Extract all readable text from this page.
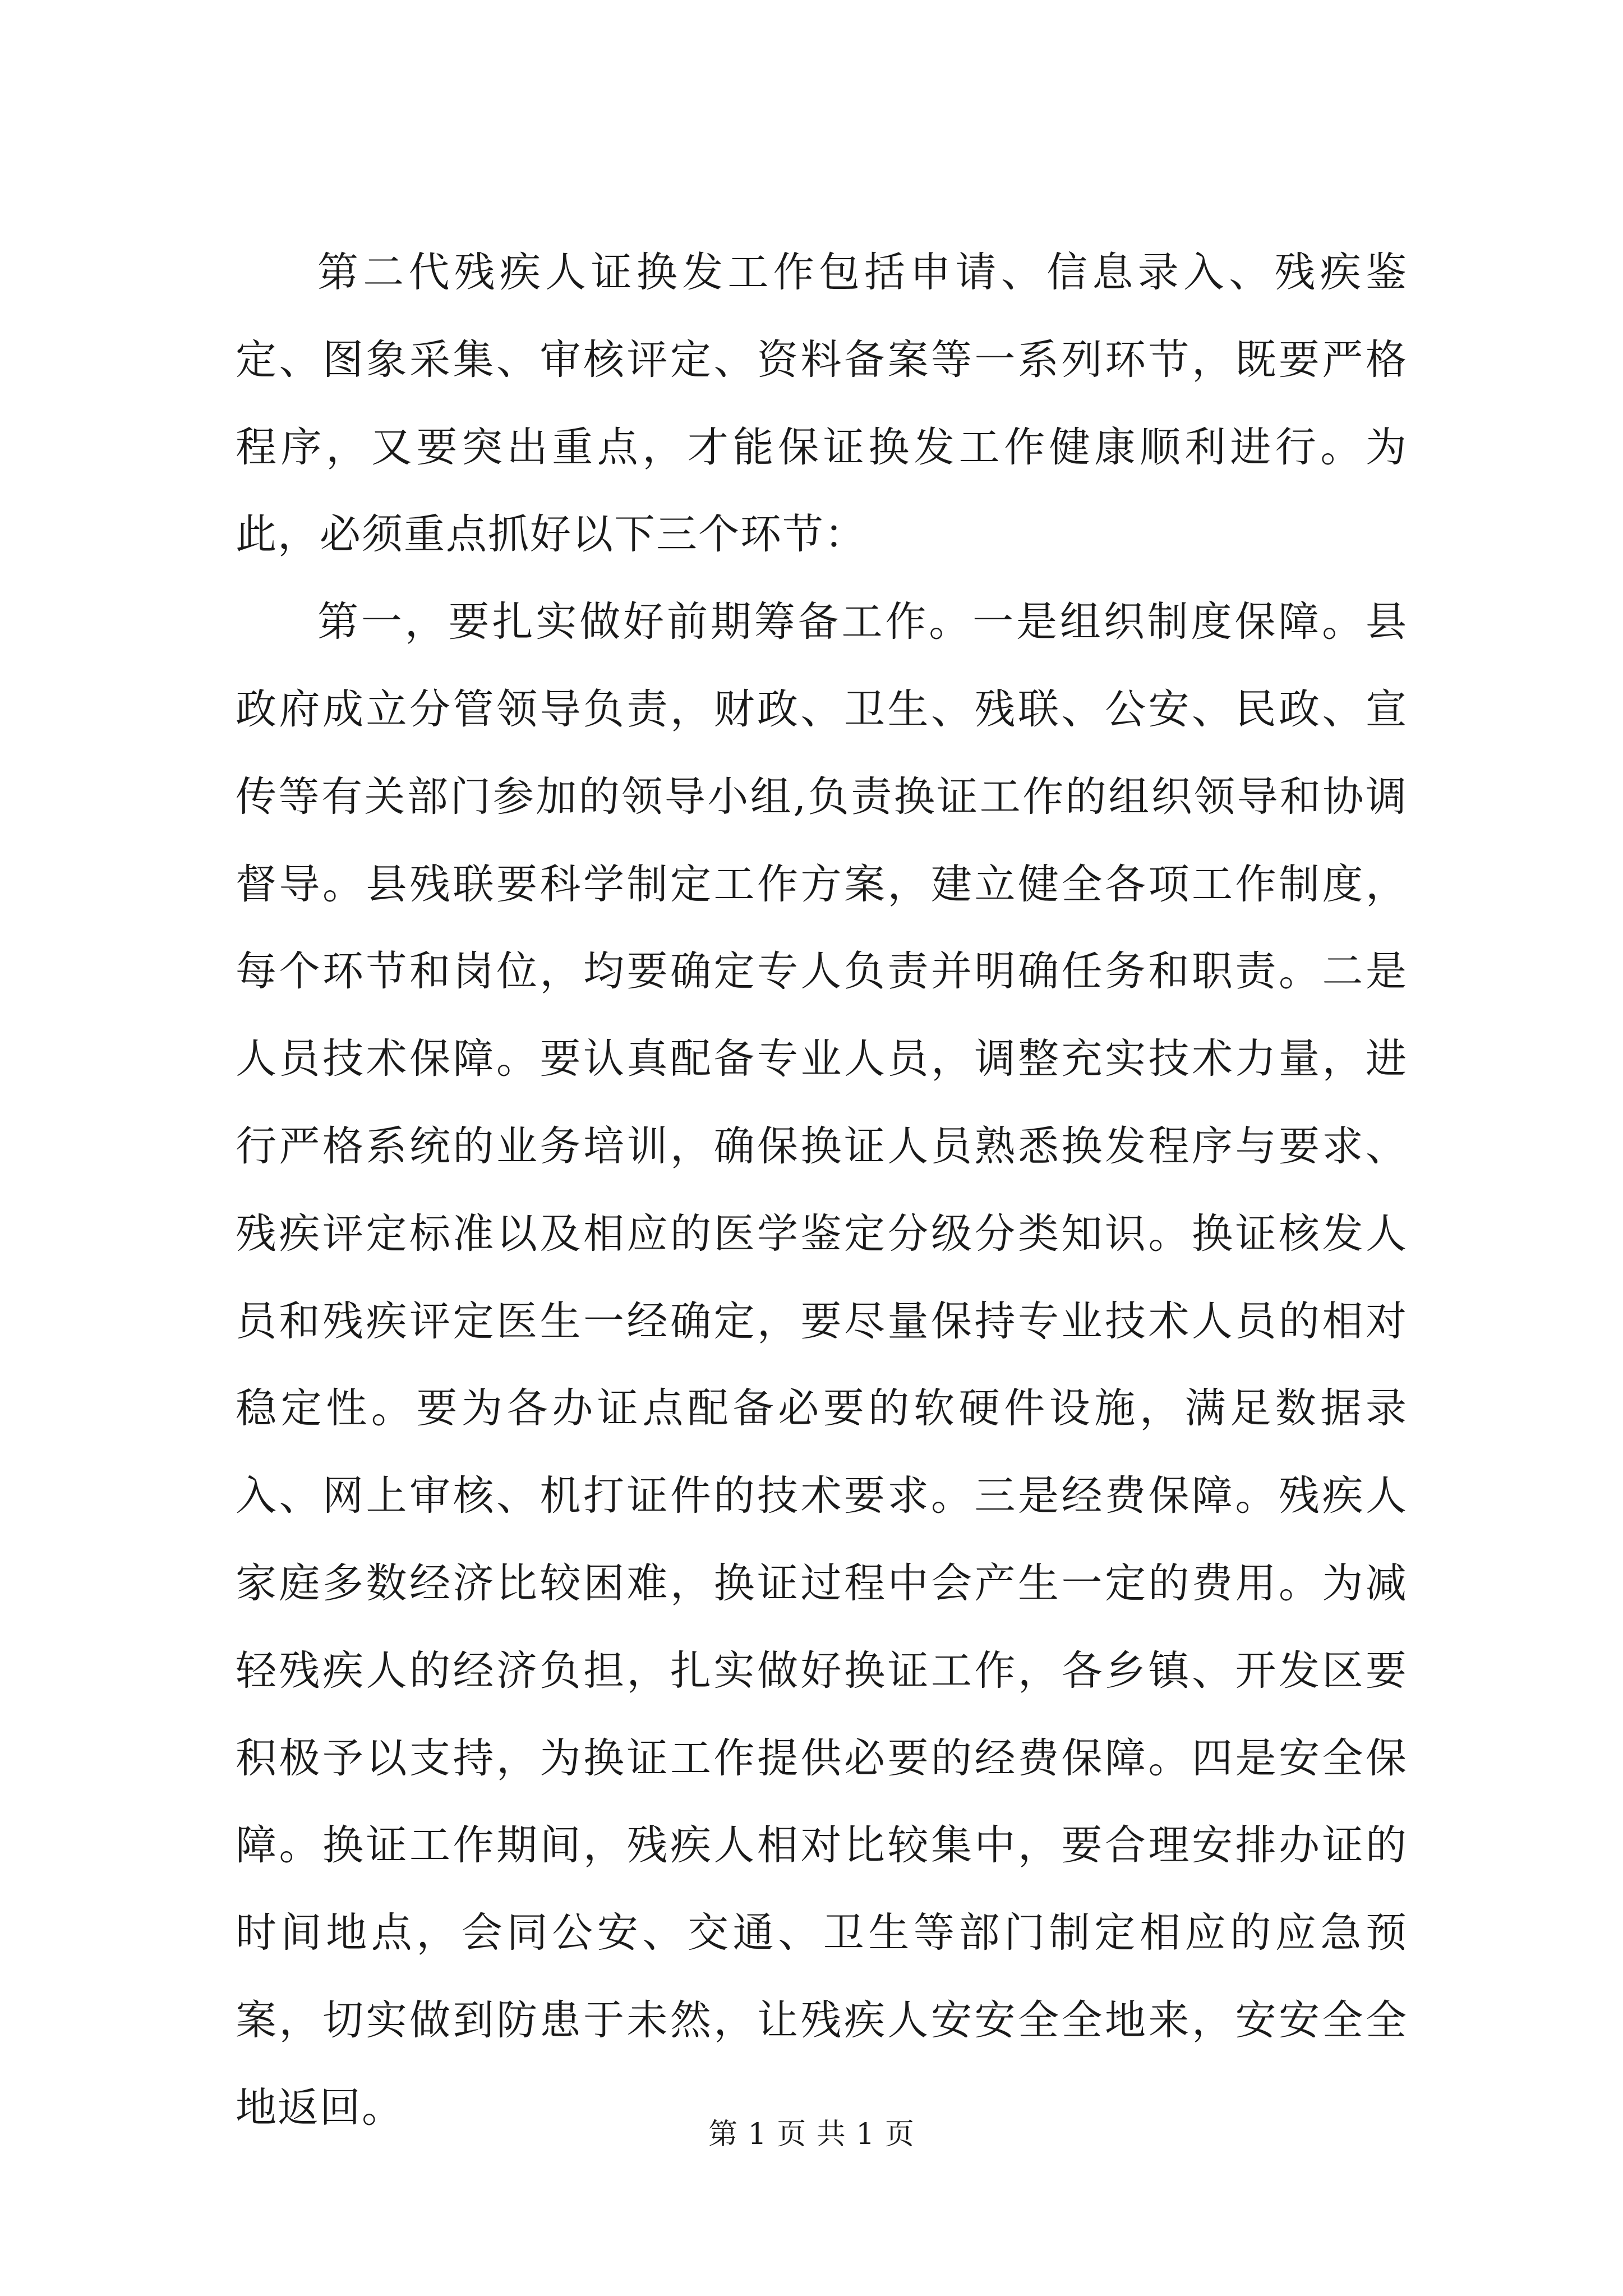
第二代残疾人证换发工作包括申请、信息录入、残疾鉴定、图象采集、审核评定、资料备案等一系列环节，既要严格程序，又要突出重点，才能保证换发工作健康顺利进行。为此，必须重点抓好以下三个环节：

第一，要扎实做好前期筹备工作。一是组织制度保障。县政府成立分管领导负责，财政、卫生、残联、公安、民政、宣传等有关部门参加的领导小组,负责换证工作的组织领导和协调督导。县残联要科学制定工作方案，建立健全各项工作制度，每个环节和岗位，均要确定专人负责并明确任务和职责。二是人员技术保障。要认真配备专业人员，调整充实技术力量，进行严格系统的业务培训，确保换证人员熟悉换发程序与要求、残疾评定标准以及相应的医学鉴定分级分类知识。换证核发人员和残疾评定医生一经确定，要尽量保持专业技术人员的相对稳定性。要为各办证点配备必要的软硬件设施，满足数据录入、网上审核、机打证件的技术要求。三是经费保障。残疾人家庭多数经济比较困难，换证过程中会产生一定的费用。为减轻残疾人的经济负担，扎实做好换证工作，各乡镇、开发区要积极予以支持，为换证工作提供必要的经费保障。四是安全保障。换证工作期间，残疾人相对比较集中，要合理安排办证的时间地点，会同公安、交通、卫生等部门制定相应的应急预案，切实做到防患于未然，让残疾人安安全全地来，安安全全地返回。

第 1 页 共 1 页
